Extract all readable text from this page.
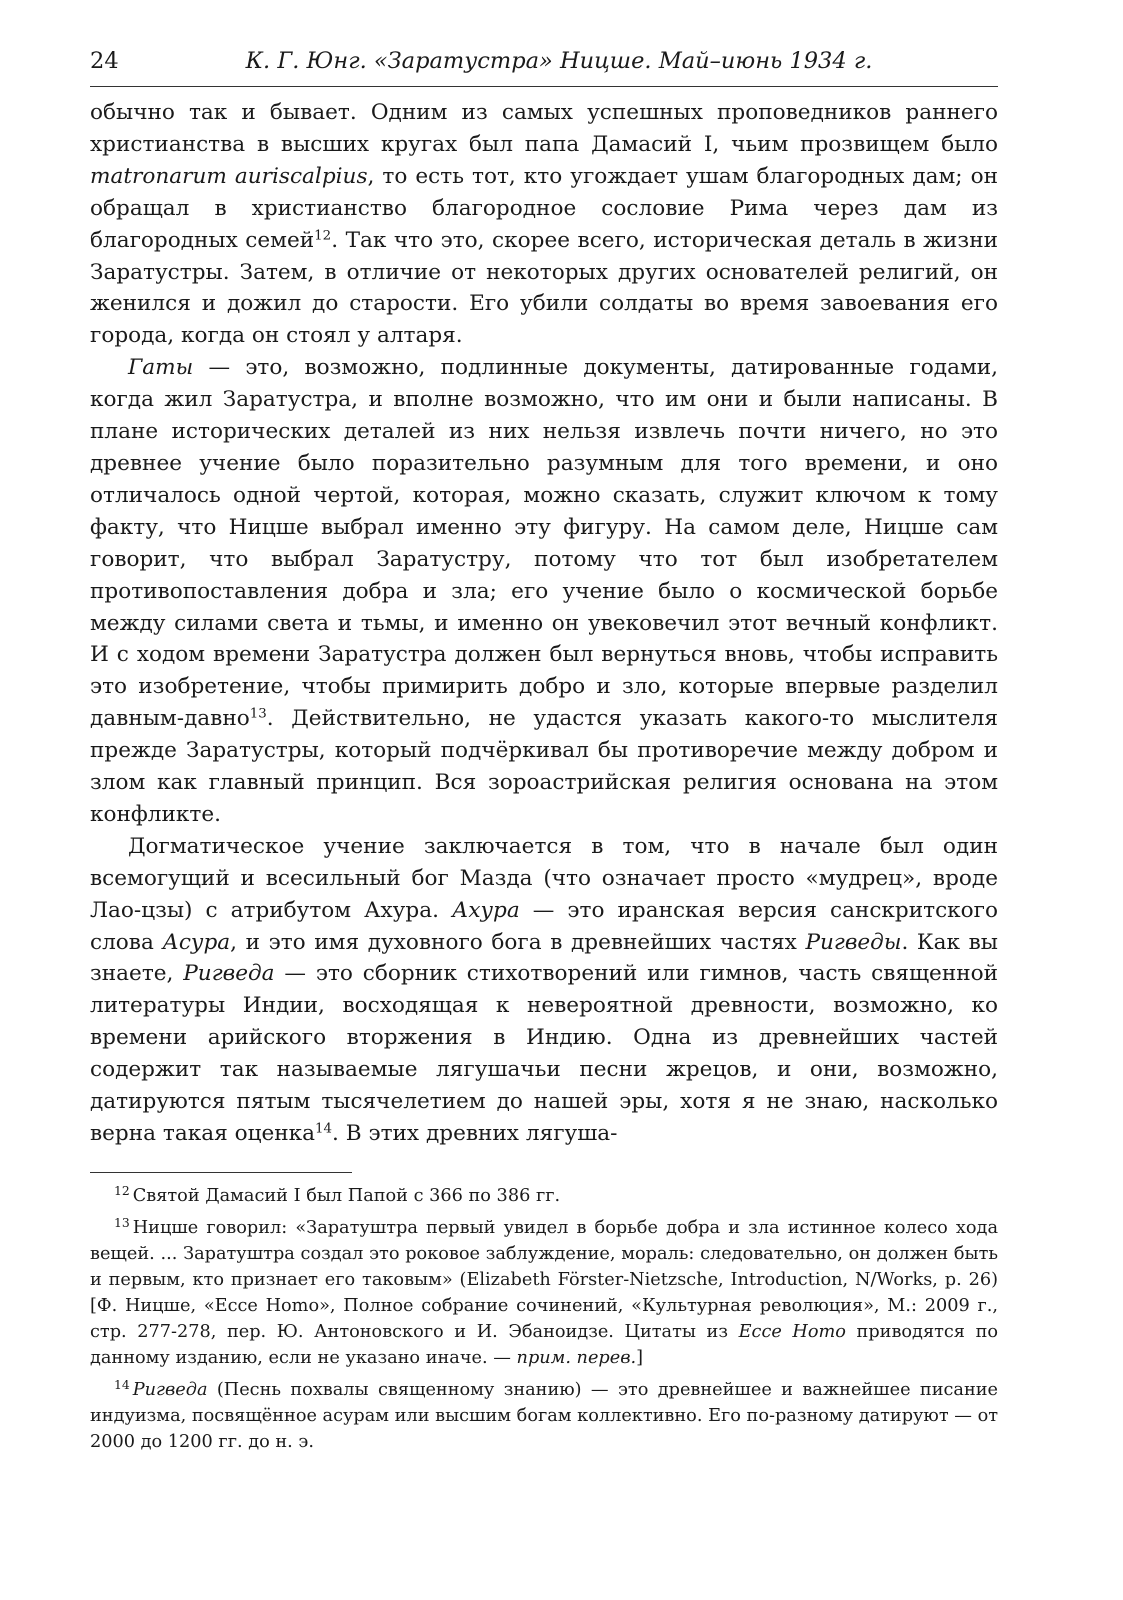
24	К. Г. Юнг. «Заратустра» Ницше. Май–июнь 1934 г.

обычно так и бывает. Одним из самых успешных проповедников раннего христианства в высших кругах был папа Дамасий I, чьим прозвищем было matronarum auriscalpius, то есть тот, кто угождает ушам благородных дам; он обращал в христианство благородное сословие Рима через дам из благородных семей$^{12}$. Так что это, скорее всего, историческая деталь в жизни Заратустры. Затем, в отличие от некоторых других основателей религий, он женился и дожил до старости. Его убили солдаты во время завоевания его города, когда он стоял у алтаря.

Гаты — это, возможно, подлинные документы, датированные годами, когда жил Заратустра, и вполне возможно, что им они и были написаны. В плане исторических деталей из них нельзя извлечь почти ничего, но это древнее учение было поразительно разумным для того времени, и оно отличалось одной чертой, которая, можно сказать, служит ключом к тому факту, что Ницше выбрал именно эту фигуру. На самом деле, Ницше сам говорит, что выбрал Заратустру, потому что тот был изобретателем противопоставления добра и зла; его учение было о космической борьбе между силами света и тьмы, и именно он увековечил этот вечный конфликт. И с ходом времени Заратустра должен был вернуться вновь, чтобы исправить это изобретение, чтобы примирить добро и зло, которые впервые разделил давным-давно$^{13}$. Действительно, не удастся указать какого-то мыслителя прежде Заратустры, который подчёркивал бы противоречие между добром и злом как главный принцип. Вся зороастрийская религия основана на этом конфликте.

Догматическое учение заключается в том, что в начале был один всемогущий и всесильный бог Мазда (что означает просто «мудрец», вроде Лао-цзы) с атрибутом Ахура. Ахура — это иранская версия санскритского слова Асура, и это имя духовного бога в древнейших частях Ригведы. Как вы знаете, Ригведа — это сборник стихотворений или гимнов, часть священной литературы Индии, восходящая к невероятной древности, возможно, ко времени арийского вторжения в Индию. Одна из древнейших частей содержит так называемые лягушачьи песни жрецов, и они, возможно, датируются пятым тысячелетием до нашей эры, хотя я не знаю, насколько верна такая оценка$^{14}$. В этих древних лягуша-

$^{12}$ Святой Дамасий I был Папой с 366 по 386 гг.

$^{13}$ Ницше говорил: «Заратуштра первый увидел в борьбе добра и зла истинное колесо хода вещей. ... Заратуштра создал это роковое заблуждение, мораль: следовательно, он должен быть и первым, кто признает его таковым» (Elizabeth Förster-Nietzsche, Introduction, N/Works, p. 26) [Ф. Ницше, «Ecce Homo», Полное собрание сочинений, «Культурная революция», М.: 2009 г., стр. 277-278, пер. Ю. Антоновского и И. Эбаноидзе. Цитаты из Ecce Homo приводятся по данному изданию, если не указано иначе. — прим. перев.]

$^{14}$ Ригведа (Песнь похвалы священному знанию) — это древнейшее и важнейшее писание индуизма, посвящённое асурам или высшим богам коллективно. Его по-разному датируют — от 2000 до 1200 гг. до н. э.
